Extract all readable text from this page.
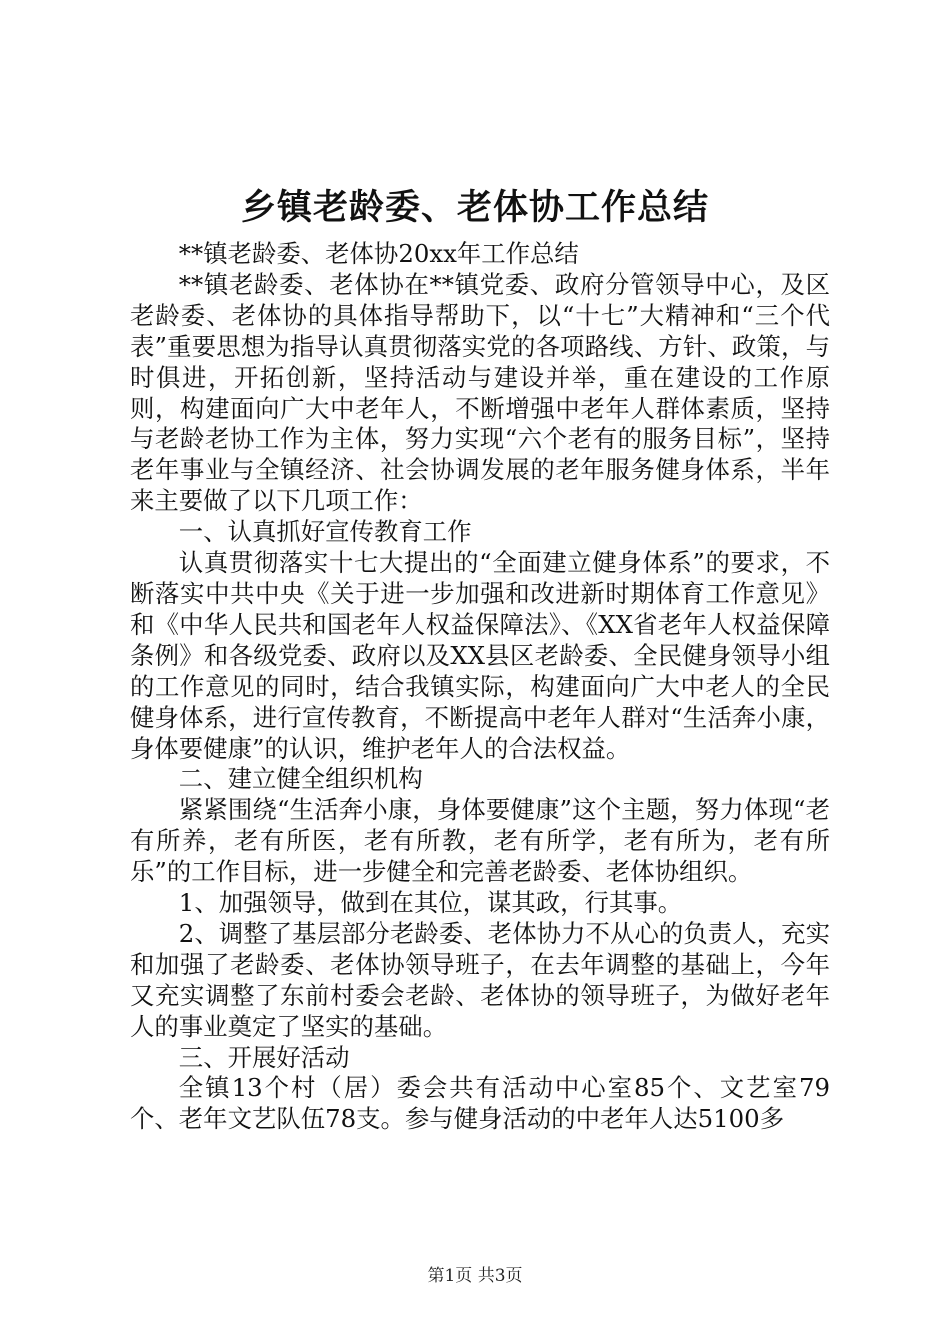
乡镇老龄委、老体协工作总结

**镇老龄委、老体协20xx年工作总结

**镇老龄委、老体协在**镇党委、政府分管领导中心，及区老龄委、老体协的具体指导帮助下，以“十七”大精神和“三个代表”重要思想为指导认真贯彻落实党的各项路线、方针、政策，与时俱进，开拓创新，坚持活动与建设并举，重在建设的工作原则，构建面向广大中老年人，不断增强中老年人群体素质，坚持与老龄老协工作为主体，努力实现“六个老有的服务目标”，坚持老年事业与全镇经济、社会协调发展的老年服务健身体系，半年来主要做了以下几项工作：

一、认真抓好宣传教育工作

认真贯彻落实十七大提出的“全面建立健身体系”的要求，不断落实中共中央《关于进一步加强和改进新时期体育工作意见》和《中华人民共和国老年人权益保障法》、《XX省老年人权益保障条例》和各级党委、政府以及XX县区老龄委、全民健身领导小组的工作意见的同时，结合我镇实际，构建面向广大中老人的全民健身体系，进行宣传教育，不断提高中老年人群对“生活奔小康，身体要健康”的认识，维护老年人的合法权益。

二、建立健全组织机构

紧紧围绕“生活奔小康，身体要健康”这个主题，努力体现“老有所养，老有所医，老有所教，老有所学，老有所为，老有所乐”的工作目标，进一步健全和完善老龄委、老体协组织。

1、加强领导，做到在其位，谋其政，行其事。

2、调整了基层部分老龄委、老体协力不从心的负责人，充实和加强了老龄委、老体协领导班子，在去年调整的基础上，今年又充实调整了东前村委会老龄、老体协的领导班子，为做好老年人的事业奠定了坚实的基础。

三、开展好活动

全镇13个村（居）委会共有活动中心室85个、文艺室79个、老年文艺队伍78支。参与健身活动的中老年人达5100多

第1页 共3页
